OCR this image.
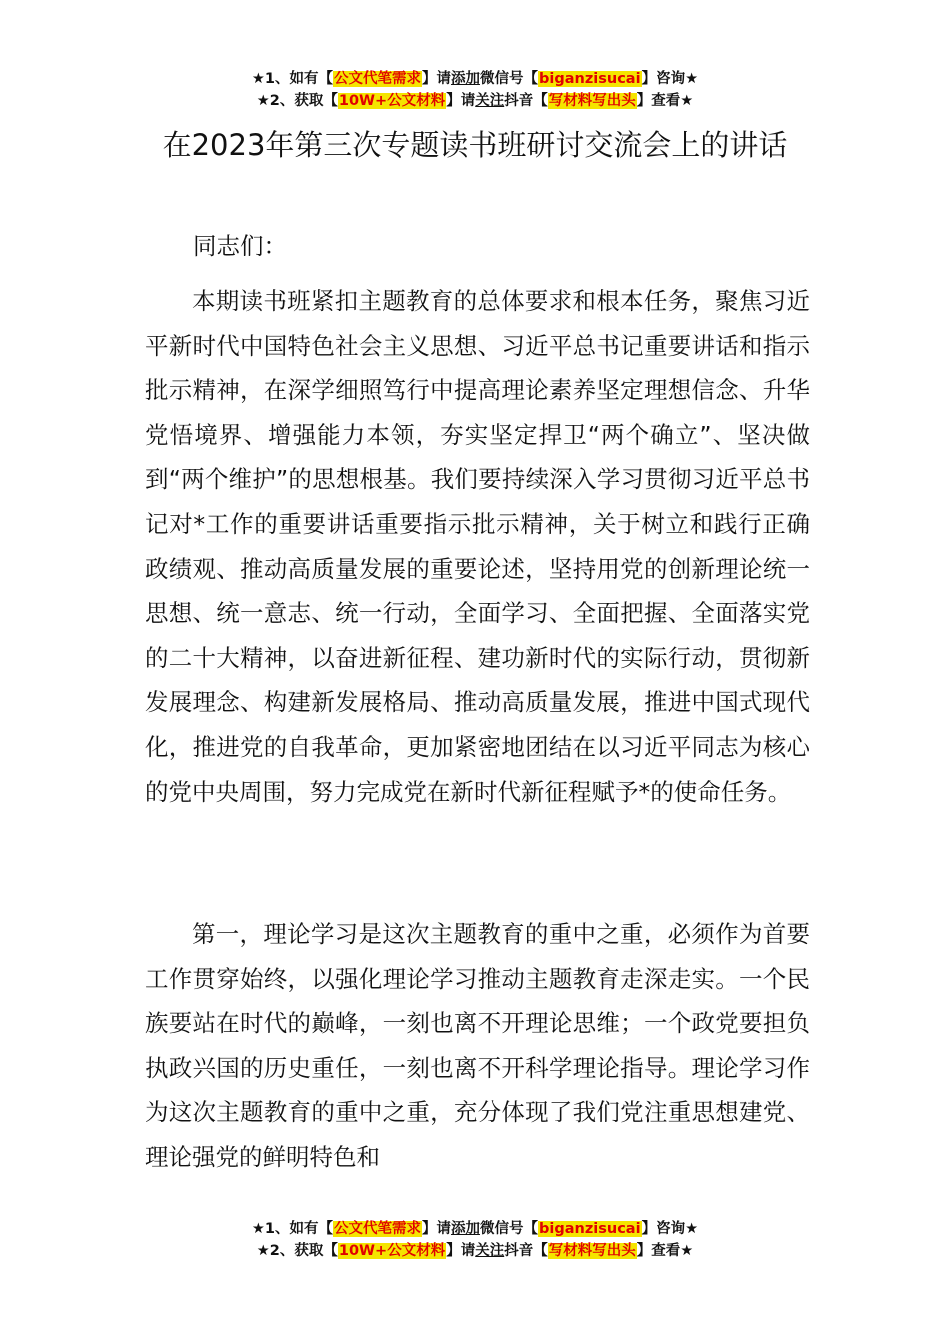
★1、如有【公文代笔需求】请添加微信号【biganzisucai】咨询★
★2、获取【10W+公文材料】请关注抖音【写材料写出头】查看★
在2023年第三次专题读书班研讨交流会上的讲话
同志们：

本期读书班紧扣主题教育的总体要求和根本任务，聚焦习近平新时代中国特色社会主义思想、习近平总书记重要讲话和指示批示精神，在深学细照笃行中提高理论素养坚定理想信念、升华党悟境界、增强能力本领，夯实坚定捍卫“两个确立”、坚决做到“两个维护”的思想根基。我们要持续深入学习贯彻习近平总书记对*工作的重要讲话重要指示批示精神，关于树立和践行正确政绩观、推动高质量发展的重要论述，坚持用党的创新理论统一思想、统一意志、统一行动，全面学习、全面把握、全面落实党的二十大精神，以奋进新征程、建功新时代的实际行动，贯彻新发展理念、构建新发展格局、推动高质量发展，推进中国式现代化，推进党的自我革命，更加紧密地团结在以习近平同志为核心的党中央周围，努力完成党在新时代新征程赋予*的使命任务。

第一，理论学习是这次主题教育的重中之重，必须作为首要工作贯穿始终，以强化理论学习推动主题教育走深走实。一个民族要站在时代的巅峰，一刻也离不开理论思维；一个政党要担负执政兴国的历史重任，一刻也离不开科学理论指导。理论学习作为这次主题教育的重中之重，充分体现了我们党注重思想建党、理论强党的鲜明特色和

★1、如有【公文代笔需求】请添加微信号【biganzisucai】咨询★
★2、获取【10W+公文材料】请关注抖音【写材料写出头】查看★
